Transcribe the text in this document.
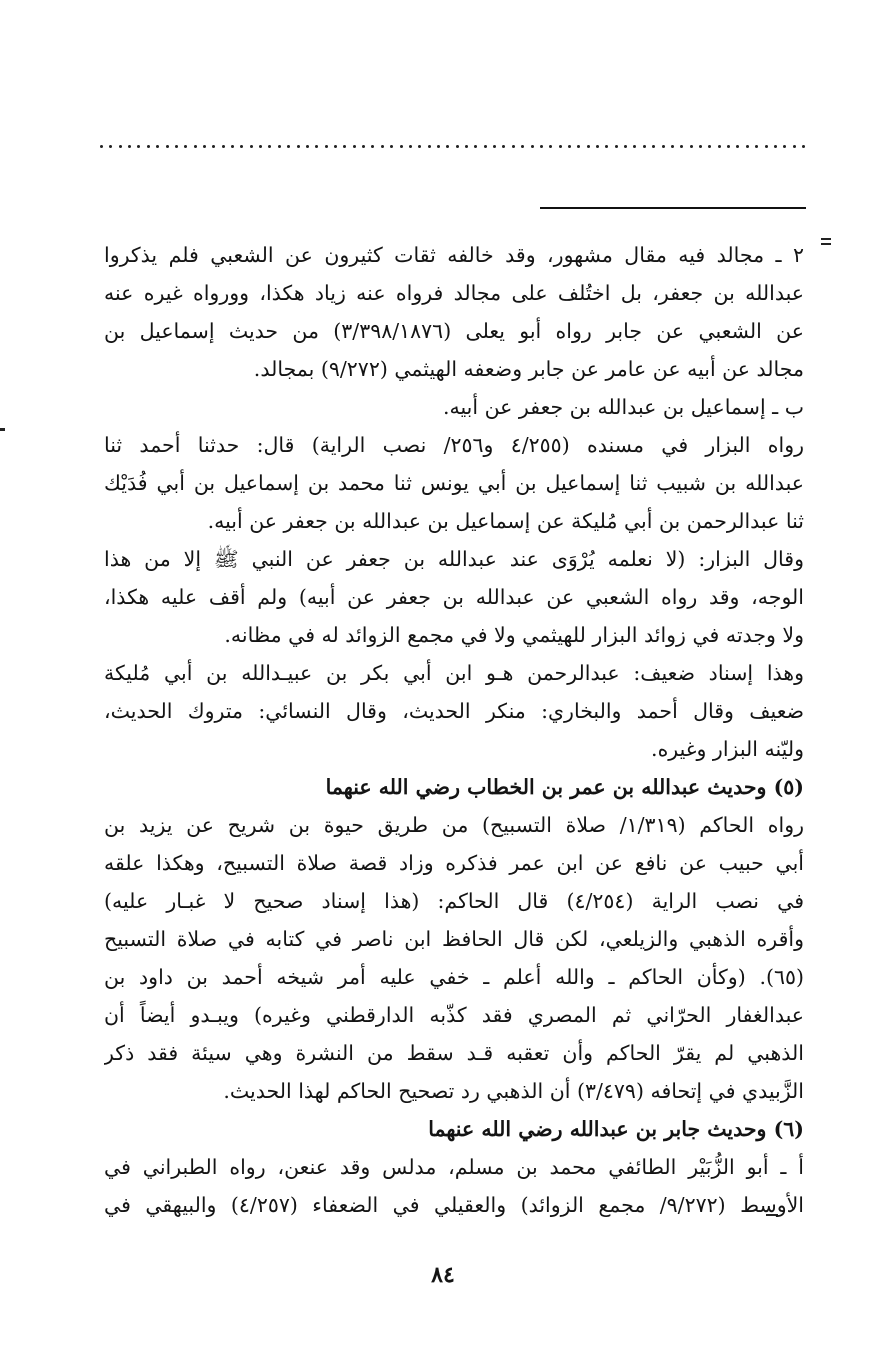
٢ ـ مجالد فيه مقال مشهور، وقد خالفه ثقات كثيرون عن الشعبي فلم يذكروا
عبدالله بن جعفر، بل اختُلف على مجالد فرواه عنه زياد هكذا، وورواه غيره عنه
عن الشعبي عن جابر رواه أبو يعلى (٣/٣٩٨/١٨٧٦) من حديث إسماعيل بن
مجالد عن أبيه عن عامر عن جابر وضعفه الهيثمي (٩/٢٧٢) بمجالد.
ب ـ إسماعيل بن عبدالله بن جعفر عن أبيه.
رواه البزار في مسنده (٤/٢٥٥ و٢٥٦/ نصب الراية) قال: حدثنا أحمد ثنا
عبدالله بن شبيب ثنا إسماعيل بن أبي يونس ثنا محمد بن إسماعيل بن أبي فُدَيْك
ثنا عبدالرحمن بن أبي مُليكة عن إسماعيل بن عبدالله بن جعفر عن أبيه.
وقال البزار: (لا نعلمه يُرْوَى عند عبدالله بن جعفر عن النبي ﷺ إلا من هذا
الوجه، وقد رواه الشعبي عن عبدالله بن جعفر عن أبيه) ولم أقف عليه هكذا،
ولا وجدته في زوائد البزار للهيثمي ولا في مجمع الزوائد له في مظانه.
وهذا إسناد ضعيف: عبدالرحمن هـو ابن أبي بكر بن عبيـدالله بن أبي مُليكة
ضعيف وقال أحمد والبخاري: منكر الحديث، وقال النسائي: متروك الحديث،
وليّنه البزار وغيره.
(٥) وحديث عبدالله بن عمر بن الخطاب رضي الله عنهما
رواه الحاكم (١/٣١٩/ صلاة التسبيح) من طريق حيوة بن شريح عن يزيد بن
أبي حبيب عن نافع عن ابن عمر فذكره وزاد قصة صلاة التسبيح، وهكذا علقه
في نصب الراية (٤/٢٥٤) قال الحاكم: (هذا إسناد صحيح لا غبـار عليه)
وأقره الذهبي والزيلعي، لكن قال الحافظ ابن ناصر في كتابه في صلاة التسبيح
(٦٥). (وكأن الحاكم ـ والله أعلم ـ خفي عليه أمر شيخه أحمد بن داود بن
عبدالغفار الحرّاني ثم المصري فقد كذّبه الدارقطني وغيره) ويبـدو أيضاً أن
الذهبي لم يقرّ الحاكم وأن تعقبه قـد سقط من النشرة وهي سيئة فقد ذكر
الزَّبيدي في إتحافه (٣/٤٧٩) أن الذهبي رد تصحيح الحاكم لهذا الحديث.
(٦) وحديث جابر بن عبدالله رضي الله عنهما
أ ـ أبو الزُّبَيْر الطائفي محمد بن مسلم، مدلس وقد عنعن، رواه الطبراني في
الأوسط (٩/٢٧٢/ مجمع الزوائد) والعقيلي في الضعفاء (٤/٢٥٧) والبيهقي في
٨٤
